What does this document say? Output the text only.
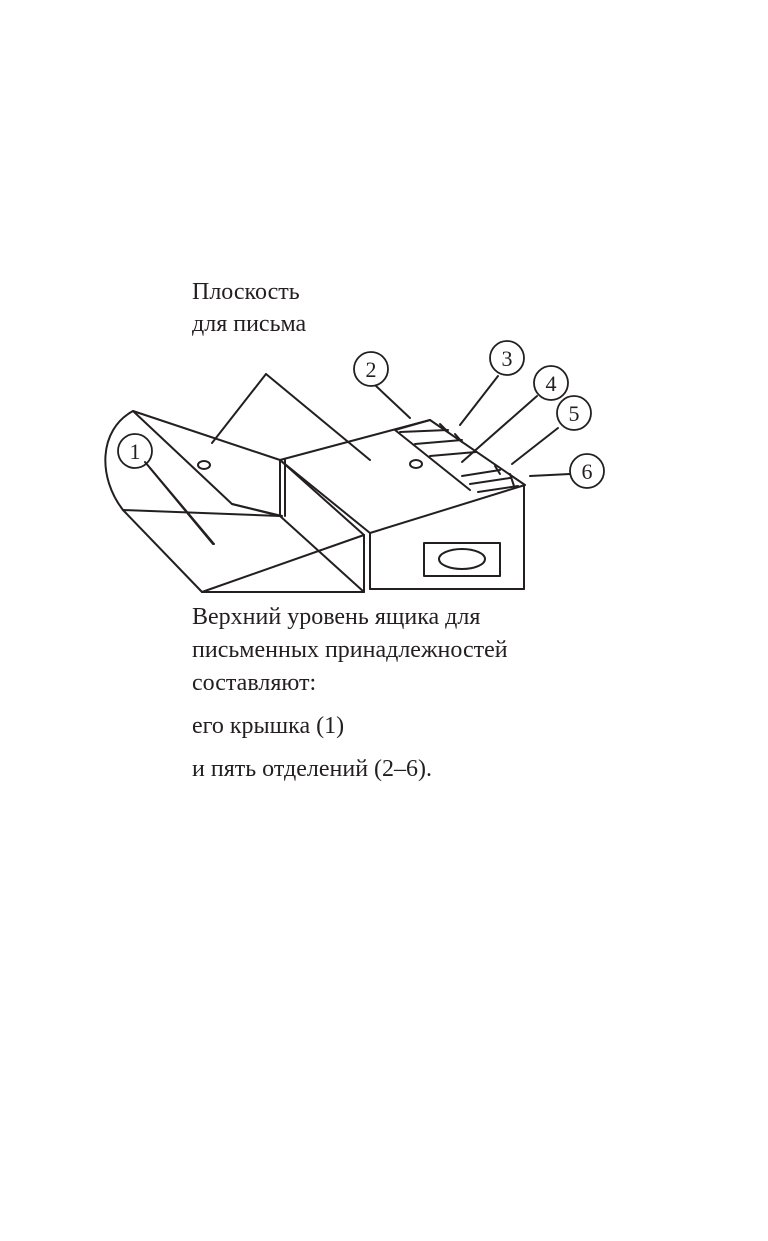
Плоскость
для письма
1
2	3
4
5
6

Верхний уровень ящика для
письменных принадлежностей
составляют:

его крышка (1)

и пять отделений (2–6).
